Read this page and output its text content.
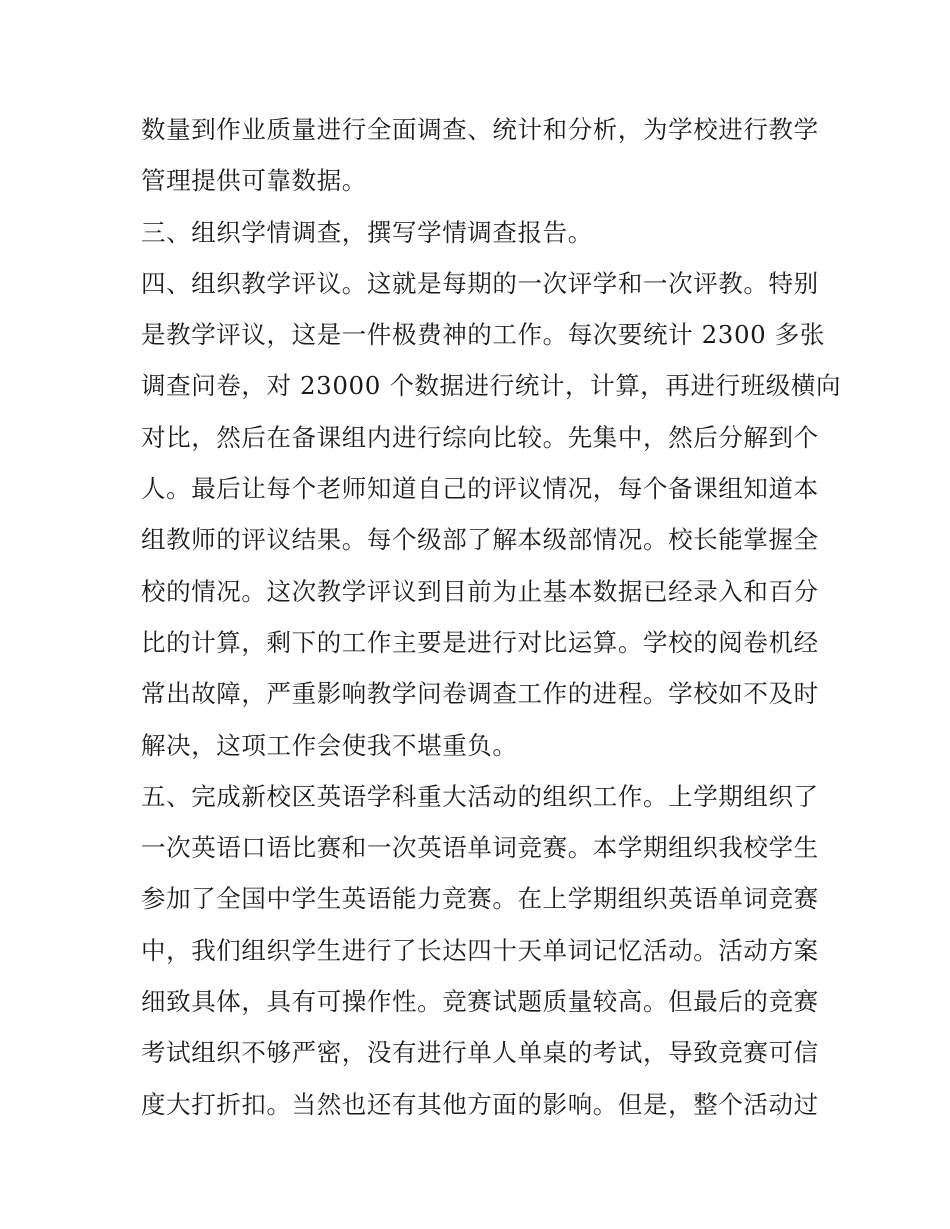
数量到作业质量进行全面调查、统计和分析，为学校进行教学
管理提供可靠数据。
三、组织学情调查，撰写学情调查报告。
四、组织教学评议。这就是每期的一次评学和一次评教。特别
是教学评议，这是一件极费神的工作。每次要统计 2300 多张
调查问卷，对 23000 个数据进行统计，计算，再进行班级横向
对比，然后在备课组内进行综向比较。先集中，然后分解到个
人。最后让每个老师知道自己的评议情况，每个备课组知道本
组教师的评议结果。每个级部了解本级部情况。校长能掌握全
校的情况。这次教学评议到目前为止基本数据已经录入和百分
比的计算，剩下的工作主要是进行对比运算。学校的阅卷机经
常出故障，严重影响教学问卷调查工作的进程。学校如不及时
解决，这项工作会使我不堪重负。
五、完成新校区英语学科重大活动的组织工作。上学期组织了
一次英语口语比赛和一次英语单词竞赛。本学期组织我校学生
参加了全国中学生英语能力竞赛。在上学期组织英语单词竞赛
中，我们组织学生进行了长达四十天单词记忆活动。活动方案
细致具体，具有可操作性。竞赛试题质量较高。但最后的竞赛
考试组织不够严密，没有进行单人单桌的考试，导致竞赛可信
度大打折扣。当然也还有其他方面的影响。但是，整个活动过
